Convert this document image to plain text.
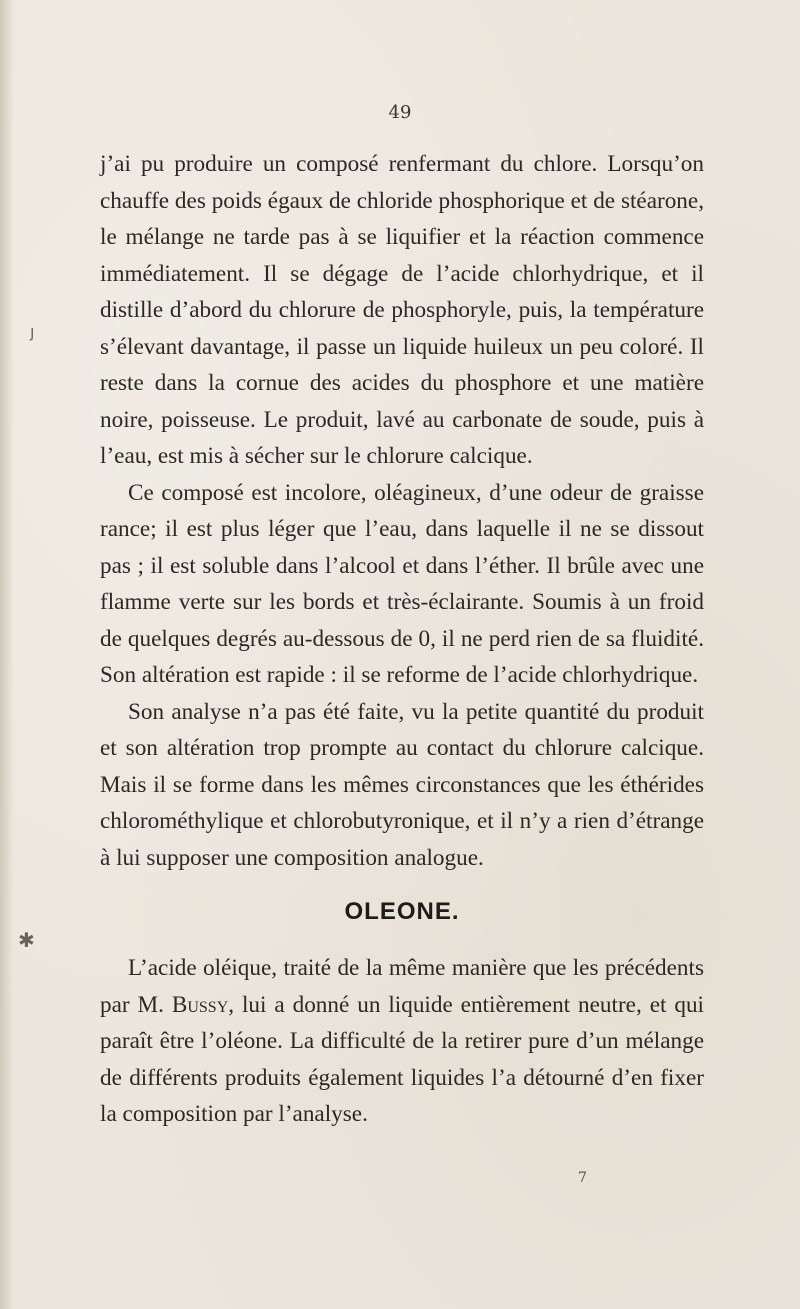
49

j’ai pu produire un composé renfermant du chlore. Lorsqu’on chauffe des poids égaux de chloride phosphorique et de stéarone, le mélange ne tarde pas à se liquifier et la réaction commence immédiatement. Il se dégage de l’acide chlorhydrique, et il distille d’abord du chlorure de phosphoryle, puis, la température s’élevant davantage, il passe un liquide huileux un peu coloré. Il reste dans la cornue des acides du phosphore et une matière noire, poisseuse. Le produit, lavé au carbonate de soude, puis à l’eau, est mis à sécher sur le chlorure calcique.

Ce composé est incolore, oléagineux, d’une odeur de graisse rance; il est plus léger que l’eau, dans laquelle il ne se dissout pas ; il est soluble dans l’alcool et dans l’éther. Il brûle avec une flamme verte sur les bords et très-éclairante. Soumis à un froid de quelques degrés au-dessous de 0, il ne perd rien de sa fluidité. Son altération est rapide : il se reforme de l’acide chlorhydrique.

Son analyse n’a pas été faite, vu la petite quantité du produit et son altération trop prompte au contact du chlorure calcique. Mais il se forme dans les mêmes circonstances que les éthérides chlorométhylique et chlorobutyronique, et il n’y a rien d’étrange à lui supposer une composition analogue.

OLEONE.

L’acide oléique, traité de la même manière que les précédents par M. Bussy, lui a donné un liquide entièrement neutre, et qui paraît être l’oléone. La difficulté de la retirer pure d’un mélange de différents produits également liquides l’a détourné d’en fixer la composition par l’analyse.

7
ȷ
✱
